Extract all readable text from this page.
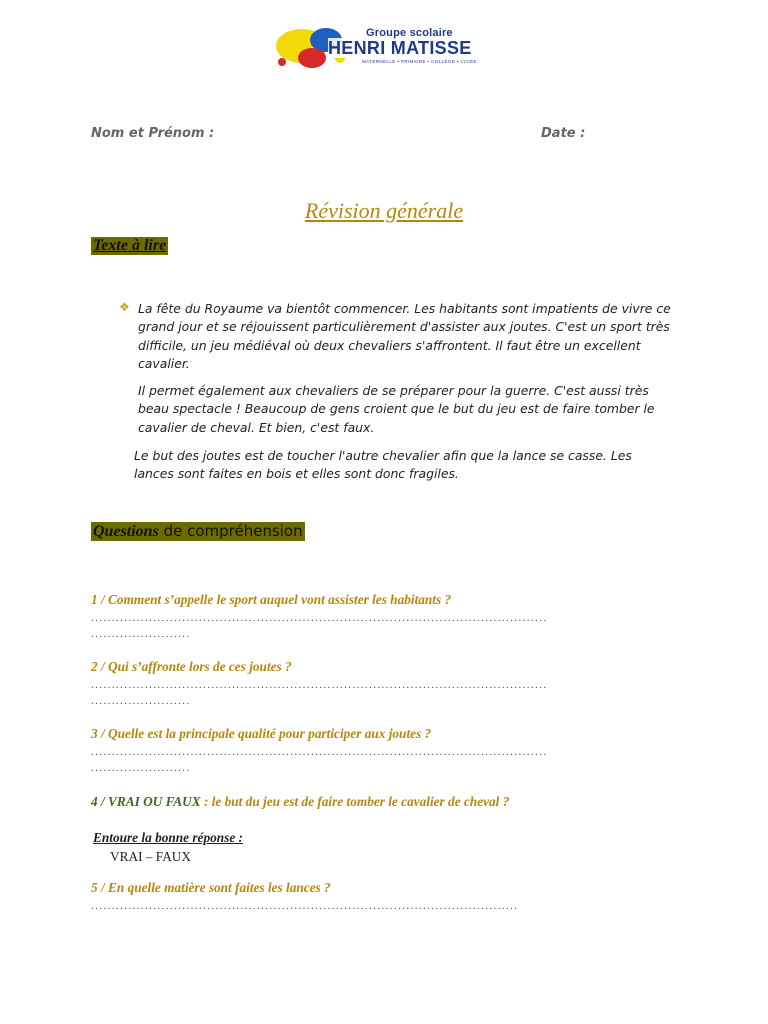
Groupe scolaire
HENRI MATISSE
MATERNELLE • PRIMAIRE • COLLÈGE • LYCÉE
Nom et Prénom :	Date :
Révision générale
Texte à lire
❖ La fête du Royaume va bientôt commencer. Les habitants sont impatients de vivre ce grand jour et se réjouissent particulièrement d'assister aux joutes. C'est un sport très difficile, un jeu médiéval où deux chevaliers s'affrontent. Il faut être un excellent cavalier.
Il permet également aux chevaliers de se préparer pour la guerre. C'est aussi très beau spectacle ! Beaucoup de gens croient que le but du jeu est de faire tomber le cavalier de cheval. Et bien, c'est faux.
Le but des joutes est de toucher l'autre chevalier afin que la lance se casse. Les lances sont faites en bois et elles sont donc fragiles.
Questions de compréhension
1 / Comment s’appelle le sport auquel vont assister les habitants ?
..............................................................................................................
........................
2 / Qui s’affronte lors de ces joutes ?
..............................................................................................................
........................
3 / Quelle est la principale qualité pour participer aux joutes ?
..............................................................................................................
........................
4 / VRAI OU FAUX : le but du jeu est de faire tomber le cavalier de cheval ?
Entoure la bonne réponse :
VRAI – FAUX
5 / En quelle matière sont faites les lances ?
.......................................................................................................
